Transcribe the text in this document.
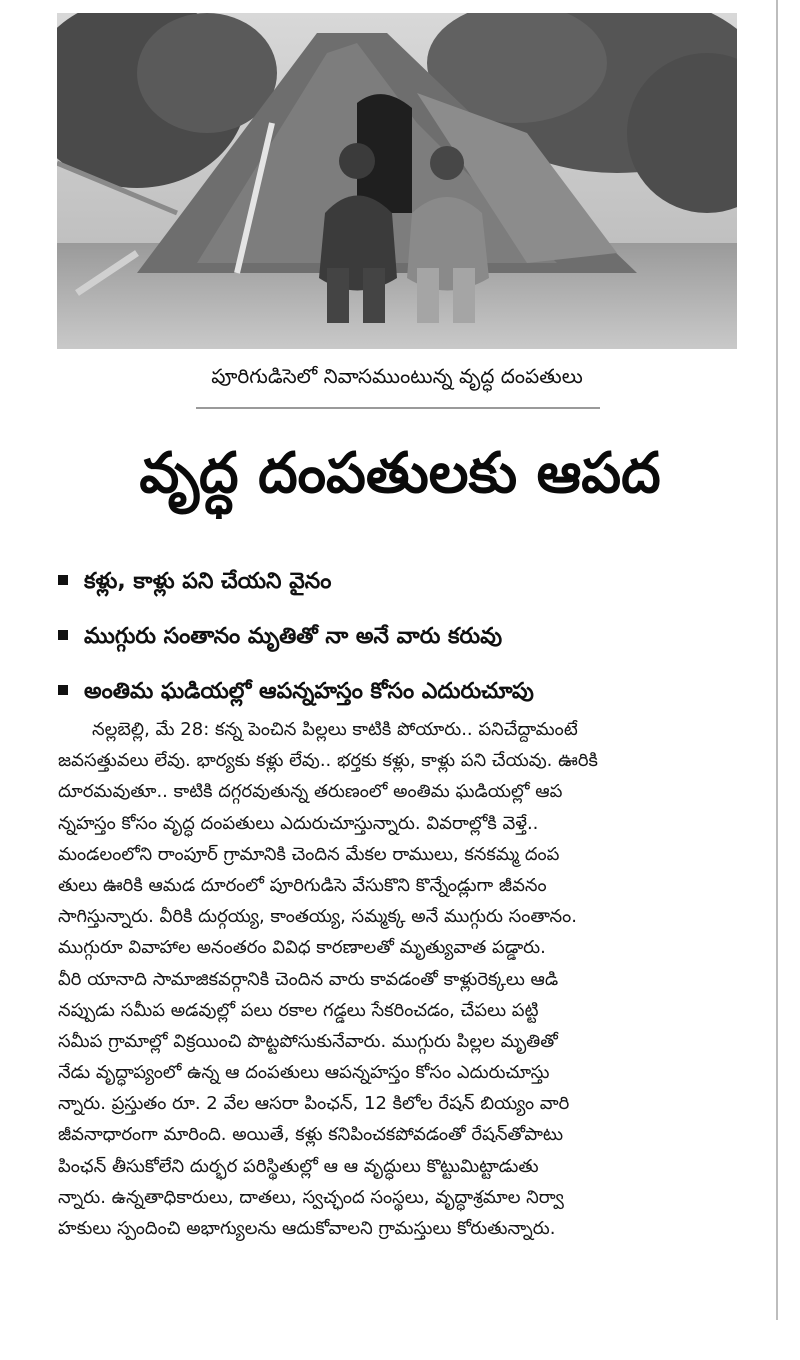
పూరిగుడిసెలో నివాసముంటున్న వృద్ధ దంపతులు
వృద్ధ దంపతులకు ఆపద
కళ్లు, కాళ్లు పని చేయని వైనం
ముగ్గురు సంతానం మృతితో నా అనే వారు కరువు
అంతిమ ఘడియల్లో ఆపన్నహస్తం కోసం ఎదురుచూపు
నల్లబెల్లి, మే 28: కన్న పెంచిన పిల్లలు కాటికి పోయారు.. పనిచేద్దామంటే
జవసత్తువలు లేవు. భార్యకు కళ్లు లేవు.. భర్తకు కళ్లు, కాళ్లు పని చేయవు. ఊరికి
దూరమవుతూ.. కాటికి దగ్గరవుతున్న తరుణంలో అంతిమ ఘడియల్లో ఆప
న్నహస్తం కోసం వృద్ధ దంపతులు ఎదురుచూస్తున్నారు. వివరాల్లోకి వెళ్తే..
మండలంలోని రాంపూర్ గ్రామానికి చెందిన మేకల రాములు, కనకమ్మ దంప
తులు ఊరికి ఆమడ దూరంలో పూరిగుడిసె వేసుకొని కొన్నేండ్లుగా జీవనం
సాగిస్తున్నారు. వీరికి దుర్గయ్య, కాంతయ్య, సమ్మక్క అనే ముగ్గురు సంతానం.
ముగ్గురూ వివాహాల అనంతరం వివిధ కారణాలతో మృత్యువాత పడ్డారు.
వీరి యానాది సామాజికవర్గానికి చెందిన వారు కావడంతో కాళ్లురెక్కలు ఆడి
నప్పుడు సమీప అడవుల్లో పలు రకాల గడ్డలు సేకరించడం, చేపలు పట్టి
సమీప గ్రామాల్లో విక్రయించి పొట్టపోసుకునేవారు. ముగ్గురు పిల్లల మృతితో
నేడు వృద్ధాప్యంలో ఉన్న ఆ దంపతులు ఆపన్నహస్తం కోసం ఎదురుచూస్తు
న్నారు. ప్రస్తుతం రూ. 2 వేల ఆసరా పింఛన్, 12 కిలోల రేషన్ బియ్యం వారి
జీవనాధారంగా మారింది. అయితే, కళ్లు కనిపించకపోవడంతో రేషన్‌తోపాటు
పింఛన్ తీసుకోలేని దుర్భర పరిస్థితుల్లో ఆ ఆ వృద్ధులు కొట్టుమిట్టాడుతు
న్నారు. ఉన్నతాధికారులు, దాతలు, స్వచ్ఛంద సంస్థలు, వృద్ధాశ్రమాల నిర్వా
హకులు స్పందించి అభాగ్యులను ఆదుకోవాలని గ్రామస్తులు కోరుతున్నారు.
